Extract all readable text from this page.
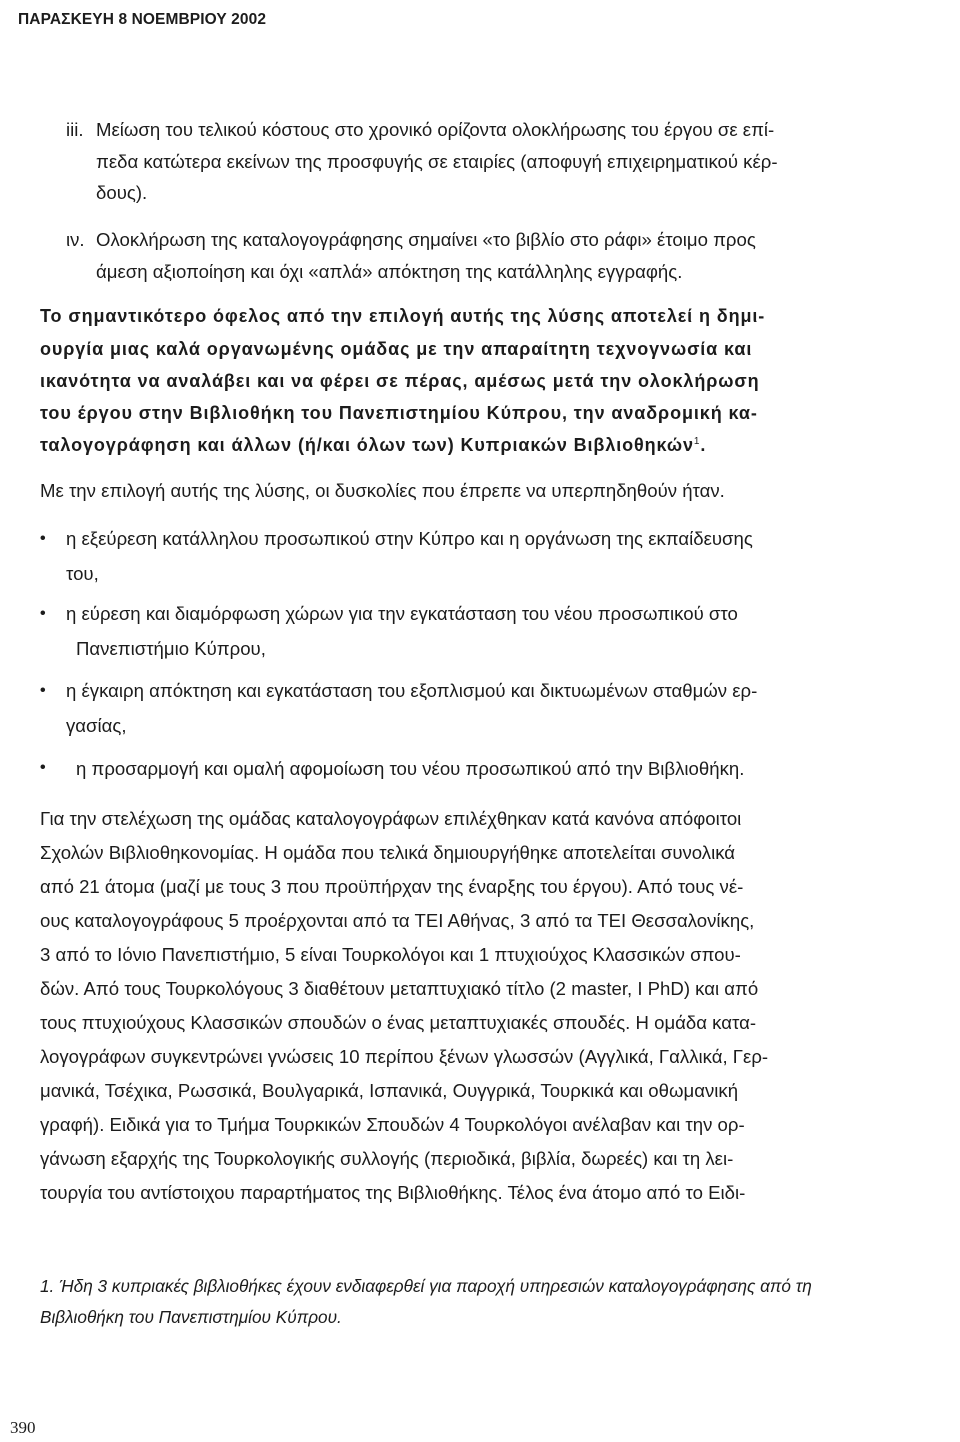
ΠΑΡΑΣΚΕΥΗ 8 ΝΟΕΜΒΡΙΟΥ 2002
iii. Μείωση του τελικού κόστους στο χρονικό ορίζοντα ολοκλήρωσης του έργου σε επί-
πεδα κατώτερα εκείνων της προσφυγής σε εταιρίες (αποφυγή επιχειρηματικού κέρ-
δους).
ιν. Ολοκλήρωση της καταλογογράφησης σημαίνει «το βιβλίο στο ράφι» έτοιμο προς
άμεση αξιοποίηση και όχι «απλά» απόκτηση της κατάλληλης εγγραφής.
Το σημαντικότερο όφελος από την επιλογή αυτής της λύσης αποτελεί η δημι-
ουργία μιας καλά οργανωμένης ομάδας με την απαραίτητη τεχνογνωσία και
ικανότητα να αναλάβει και να φέρει σε πέρας, αμέσως μετά την ολοκλήρωση
του έργου στην Βιβλιοθήκη του Πανεπιστημίου Κύπρου, την αναδρομική κα-
ταλογογράφηση και άλλων (ή/και όλων των) Κυπριακών Βιβλιοθηκών$^1$.
Με την επιλογή αυτής της λύσης, οι δυσκολίες που έπρεπε να υπερπηδηθούν ήταν.
• η εξεύρεση κατάλληλου προσωπικού στην Κύπρο και η οργάνωση της εκπαίδευσης
του,
• η εύρεση και διαμόρφωση χώρων για την εγκατάσταση του νέου προσωπικού στο
Πανεπιστήμιο Κύπρου,
• η έγκαιρη απόκτηση και εγκατάσταση του εξοπλισμού και δικτυωμένων σταθμών ερ-
γασίας,
• η προσαρμογή και ομαλή αφομοίωση του νέου προσωπικού από την Βιβλιοθήκη.
Για την στελέχωση της ομάδας καταλογογράφων επιλέχθηκαν κατά κανόνα απόφοιτοι
Σχολών Βιβλιοθηκονομίας. Η ομάδα που τελικά δημιουργήθηκε αποτελείται συνολικά
από 21 άτομα (μαζί με τους 3 που προϋπήρχαν της έναρξης του έργου). Από τους νέ-
ους καταλογογράφους 5 προέρχονται από τα ΤΕΙ Αθήνας, 3 από τα ΤΕΙ Θεσσαλονίκης,
3 από το Ιόνιο Πανεπιστήμιο, 5 είναι Τουρκολόγοι και 1 πτυχιούχος Κλασσικών σπου-
δών. Από τους Τουρκολόγους 3 διαθέτουν μεταπτυχιακό τίτλο (2 master, I PhD) και από
τους πτυχιούχους Κλασσικών σπουδών ο ένας μεταπτυχιακές σπουδές. Η ομάδα κατα-
λογογράφων συγκεντρώνει γνώσεις 10 περίπου ξένων γλωσσών (Αγγλικά, Γαλλικά, Γερ-
μανικά, Τσέχικα, Ρωσσικά, Βουλγαρικά, Ισπανικά, Ουγγρικά, Τουρκικά και οθωμανική
γραφή). Ειδικά για το Τμήμα Τουρκικών Σπουδών 4 Τουρκολόγοι ανέλαβαν και την ορ-
γάνωση εξαρχής της Τουρκολογικής συλλογής (περιοδικά, βιβλία, δωρεές) και τη λει-
τουργία του αντίστοιχου παραρτήματος της Βιβλιοθήκης. Τέλος ένα άτομο από το Ειδι-
1. Ήδη 3 κυπριακές βιβλιοθήκες έχουν ενδιαφερθεί για παροχή υπηρεσιών καταλογογράφησης από τη
Βιβλιοθήκη του Πανεπιστημίου Κύπρου.
390
